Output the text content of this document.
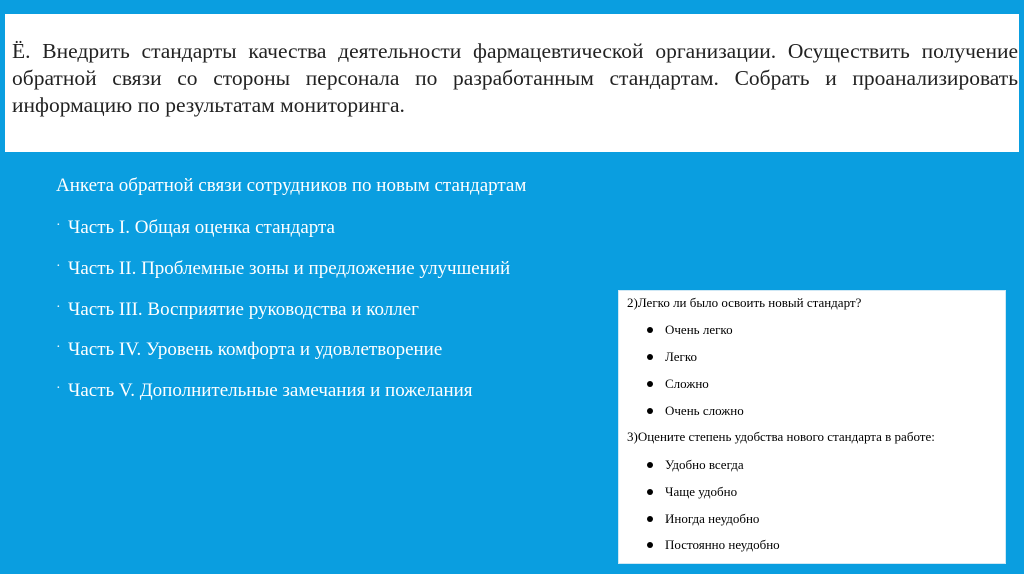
Ё. Внедрить стандарты качества деятельности фармацевтической организации. Осуществить получение обратной связи со стороны персонала по разработанным стандартам. Собрать и проанализировать информацию по результатам мониторинга.
Анкета обратной связи сотрудников по новым стандартам
· Часть I. Общая оценка стандарта
· Часть II. Проблемные зоны и предложение улучшений
· Часть III. Восприятие руководства и коллег
· Часть IV. Уровень комфорта и удовлетворение
· Часть V. Дополнительные замечания и пожелания
2)Легко ли было освоить новый стандарт?
Очень легко
Легко
Сложно
Очень сложно
3)Оцените степень удобства нового стандарта в работе:
Удобно всегда
Чаще удобно
Иногда неудобно
Постоянно неудобно
